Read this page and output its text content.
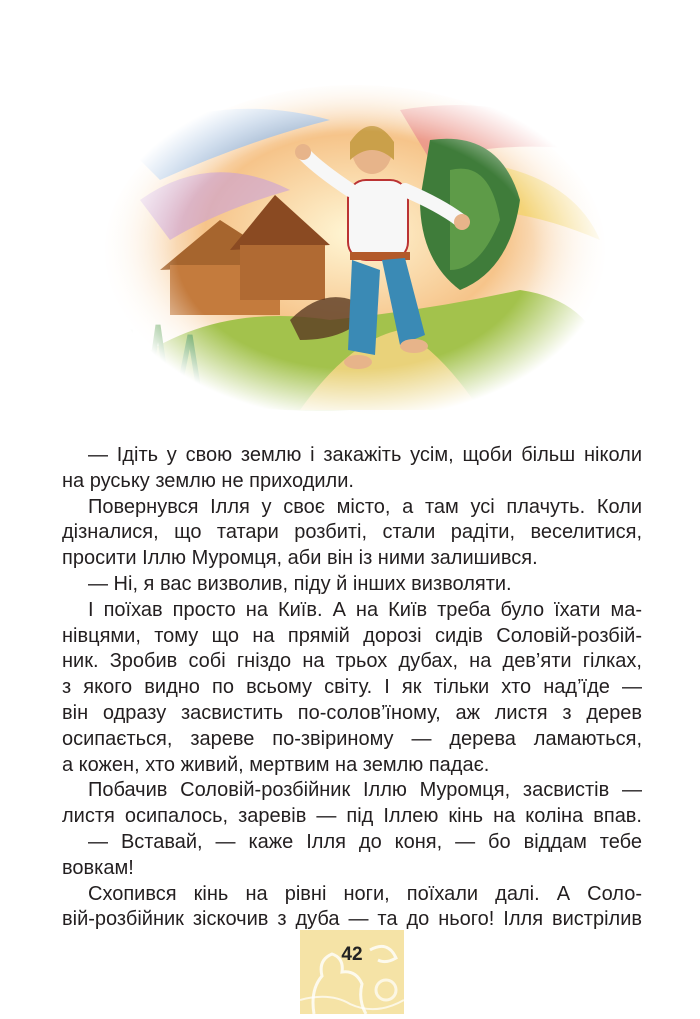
— Ідіть у свою землю і закажіть усім, щоби більш ніколи
на руську землю не приходили.
Повернувся Ілля у своє місто, а там усі плачуть. Коли
дізналися, що татари розбиті, стали радіти, веселитися,
просити Іллю Муромця, аби він із ними залишився.
— Ні, я вас визволив, піду й інших визволяти.
І поїхав просто на Київ. А на Київ треба було їхати ма-
нівцями, тому що на прямій дорозі сидів Соловій-розбій-
ник. Зробив собі гніздо на трьох дубах, на дев’яти гілках,
з якого видно по всьому світу. І як тільки хто над’їде —
він одразу засвистить по-солов’їному, аж листя з дерев
осипається, зареве по-звіриному — дерева ламаються,
а кожен, хто живий, мертвим на землю падає.
Побачив Соловій-розбійник Іллю Муромця, засвистів —
листя осипалось, заревів — під Іллею кінь на коліна впав.
— Вставай, — каже Ілля до коня, — бо віддам тебе
вовкам!
Схопився кінь на рівні ноги, поїхали далі. А Соло-
вій-розбійник зіскочив з дуба — та до нього! Ілля вистрілив
42
